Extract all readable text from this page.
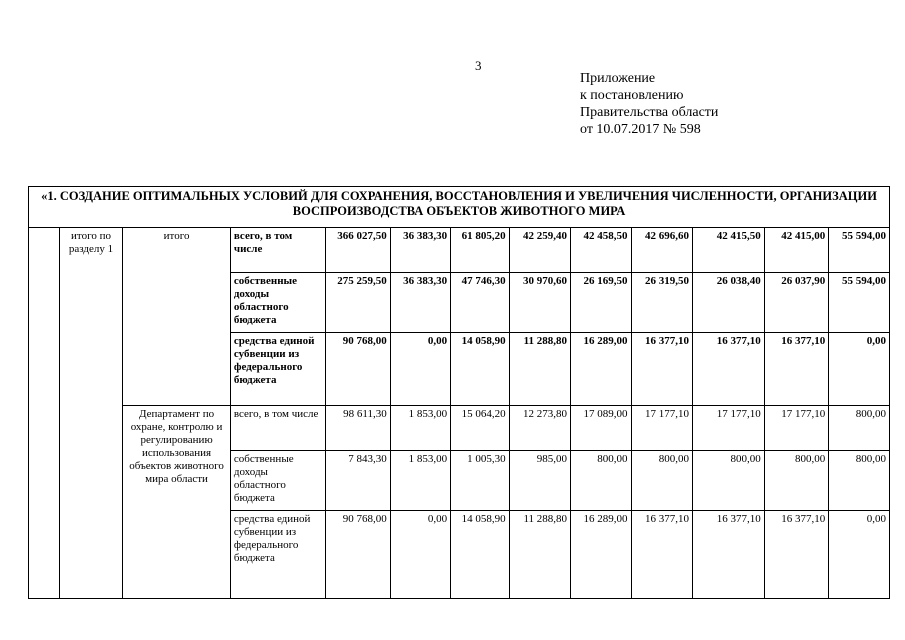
3
Приложение
к постановлению
Правительства области
от 10.07.2017 № 598
«1. СОЗДАНИЕ ОПТИМАЛЬНЫХ УСЛОВИЙ ДЛЯ СОХРАНЕНИЯ, ВОССТАНОВЛЕНИЯ И УВЕЛИЧЕНИЯ ЧИСЛЕННОСТИ, ОРГАНИЗАЦИИ ВОСПРОИЗВОДСТВА ОБЪЕКТОВ ЖИВОТНОГО МИРА												
	итого по разделу 1	итого	всего, в том числе	366 027,50	36 383,30	61 805,20	42 259,40	42 458,50	42 696,60	42 415,50	42 415,00	55 594,00
			собственные доходы областного бюджета	275 259,50	36 383,30	47 746,30	30 970,60	26 169,50	26 319,50	26 038,40	26 037,90	55 594,00
			средства единой субвенции из федерального бюджета	90 768,00	0,00	14 058,90	11 288,80	16 289,00	16 377,10	16 377,10	16 377,10	0,00
		Департамент по охране, контролю и регулированию использования объектов животного мира области	всего, в том числе	98 611,30	1 853,00	15 064,20	12 273,80	17 089,00	17 177,10	17 177,10	17 177,10	800,00
			собственные доходы областного бюджета	7 843,30	1 853,00	1 005,30	985,00	800,00	800,00	800,00	800,00	800,00
			средства единой субвенции из федерального бюджета	90 768,00	0,00	14 058,90	11 288,80	16 289,00	16 377,10	16 377,10	16 377,10	0,00
